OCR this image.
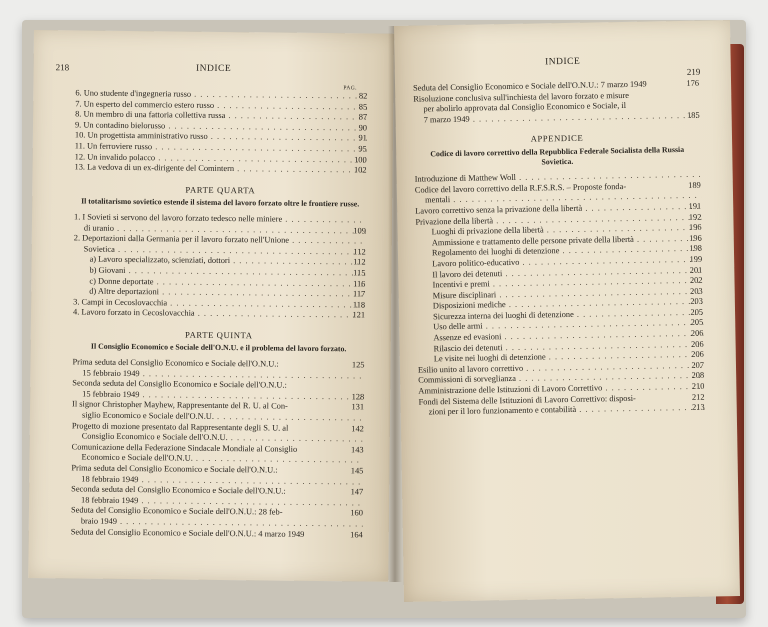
218	INDICE
PAG.
6. Uno studente d'ingegneria russo . . .	82
7. Un esperto del commercio estero russo . . .	85
8. Un membro di una fattoria collettiva russa . . .	87
9. Un contadino bielorusso . . .	90
10. Un progettista amministrativo russo . . .	91
11. Un ferroviere russo . . .	95
12. Un invalido polacco . . .	100
13. La vedova di un ex-dirigente del Comintern . . .	102
PARTE QUARTA
Il totalitarismo sovietico estende il sistema del lavoro forzato oltre le frontiere russe.
1. I Sovieti si servono del lavoro forzato tedesco nelle miniere . . .
di uranio . . .	109
2. Deportazioni dalla Germania per il lavoro forzato nell'Unione . . .
Sovietica . . .	112
a) Lavoro specializzato, scienziati, dottori . . .	112
b) Giovani . . .	115
c) Donne deportate . . .	116
d) Altre deportazioni . . .	117
3. Campi in Cecoslovacchia . . .	118
4. Lavoro forzato in Cecoslovacchia . . .	121
PARTE QUINTA
Il Consiglio Economico e Sociale dell'O.N.U. e il problema del lavoro forzato.
Prima seduta del Consiglio Economico e Sociale dell'O.N.U.:	125
15 febbraio 1949 . . .
Seconda seduta del Consiglio Economico e Sociale dell'O.N.U.:
15 febbraio 1949 . . .	128
Il signor Christopher Mayhew, Rappresentante del R. U. al Con-	131
siglio Economico e Sociale dell'O.N.U. . . .
Progetto di mozione presentato dal Rappresentante degli S. U. al	142
Consiglio Economico e Sociale dell'O.N.U. . . .
Comunicazione della Federazione Sindacale Mondiale al Consiglio	143
Economico e Sociale dell'O.N.U. . . .
Prima seduta del Consiglio Economico e Sociale dell'O.N.U.:	145
18 febbraio 1949 . . .
Seconda seduta del Consiglio Economico e Sociale dell'O.N.U.:	147
18 febbraio 1949 . . .
Seduta del Consiglio Economico e Sociale dell'O.N.U.: 28 feb-	160
braio 1949 . . .
Seduta del Consiglio Economico e Sociale dell'O.N.U.: 4 marzo 1949	164
INDICE
219
Seduta del Consiglio Economico e Sociale dell'O.N.U.: 7 marzo 1949	176
Risoluzione conclusiva sull'inchiesta del lavoro forzato e misure
per abolirlo approvata dal Consiglio Economico e Sociale, il
7 marzo 1949 . . .	185
APPENDICE
Codice di lavoro correttivo della Repubblica Federale Socialista della Russia Sovietica.
Introduzione di Matthew Woll . . .
Codice del lavoro correttivo della R.F.S.R.S. – Proposte fonda-	189
mentali . . .
Lavoro correttivo senza la privazione della libertà . . .	191
Privazione della libertà . . .	192
Luoghi di privazione della libertà . . .	196
Ammissione e trattamento delle persone private della libertà . . .	196
Regolamento dei luoghi di detenzione . . .	198
Lavoro politico-educativo . . .	199
Il lavoro dei detenuti . . .	201
Incentivi e premi . . .	202
Misure disciplinari . . .	203
Disposizioni mediche . . .	203
Sicurezza interna dei luoghi di detenzione . . .	205
Uso delle armi . . .	205
Assenze ed evasioni . . .	206
Rilascio dei detenuti . . .	206
Le visite nei luoghi di detenzione . . .	206
Esilio unito al lavoro correttivo . . .	207
Commissioni di sorveglianza . . .	208
Amministrazione delle Istituzioni di Lavoro Correttivo . . .	210
Fondi del Sistema delle Istituzioni di Lavoro Correttivo: disposi-	212
zioni per il loro funzionamento e contabilità . . .	213
